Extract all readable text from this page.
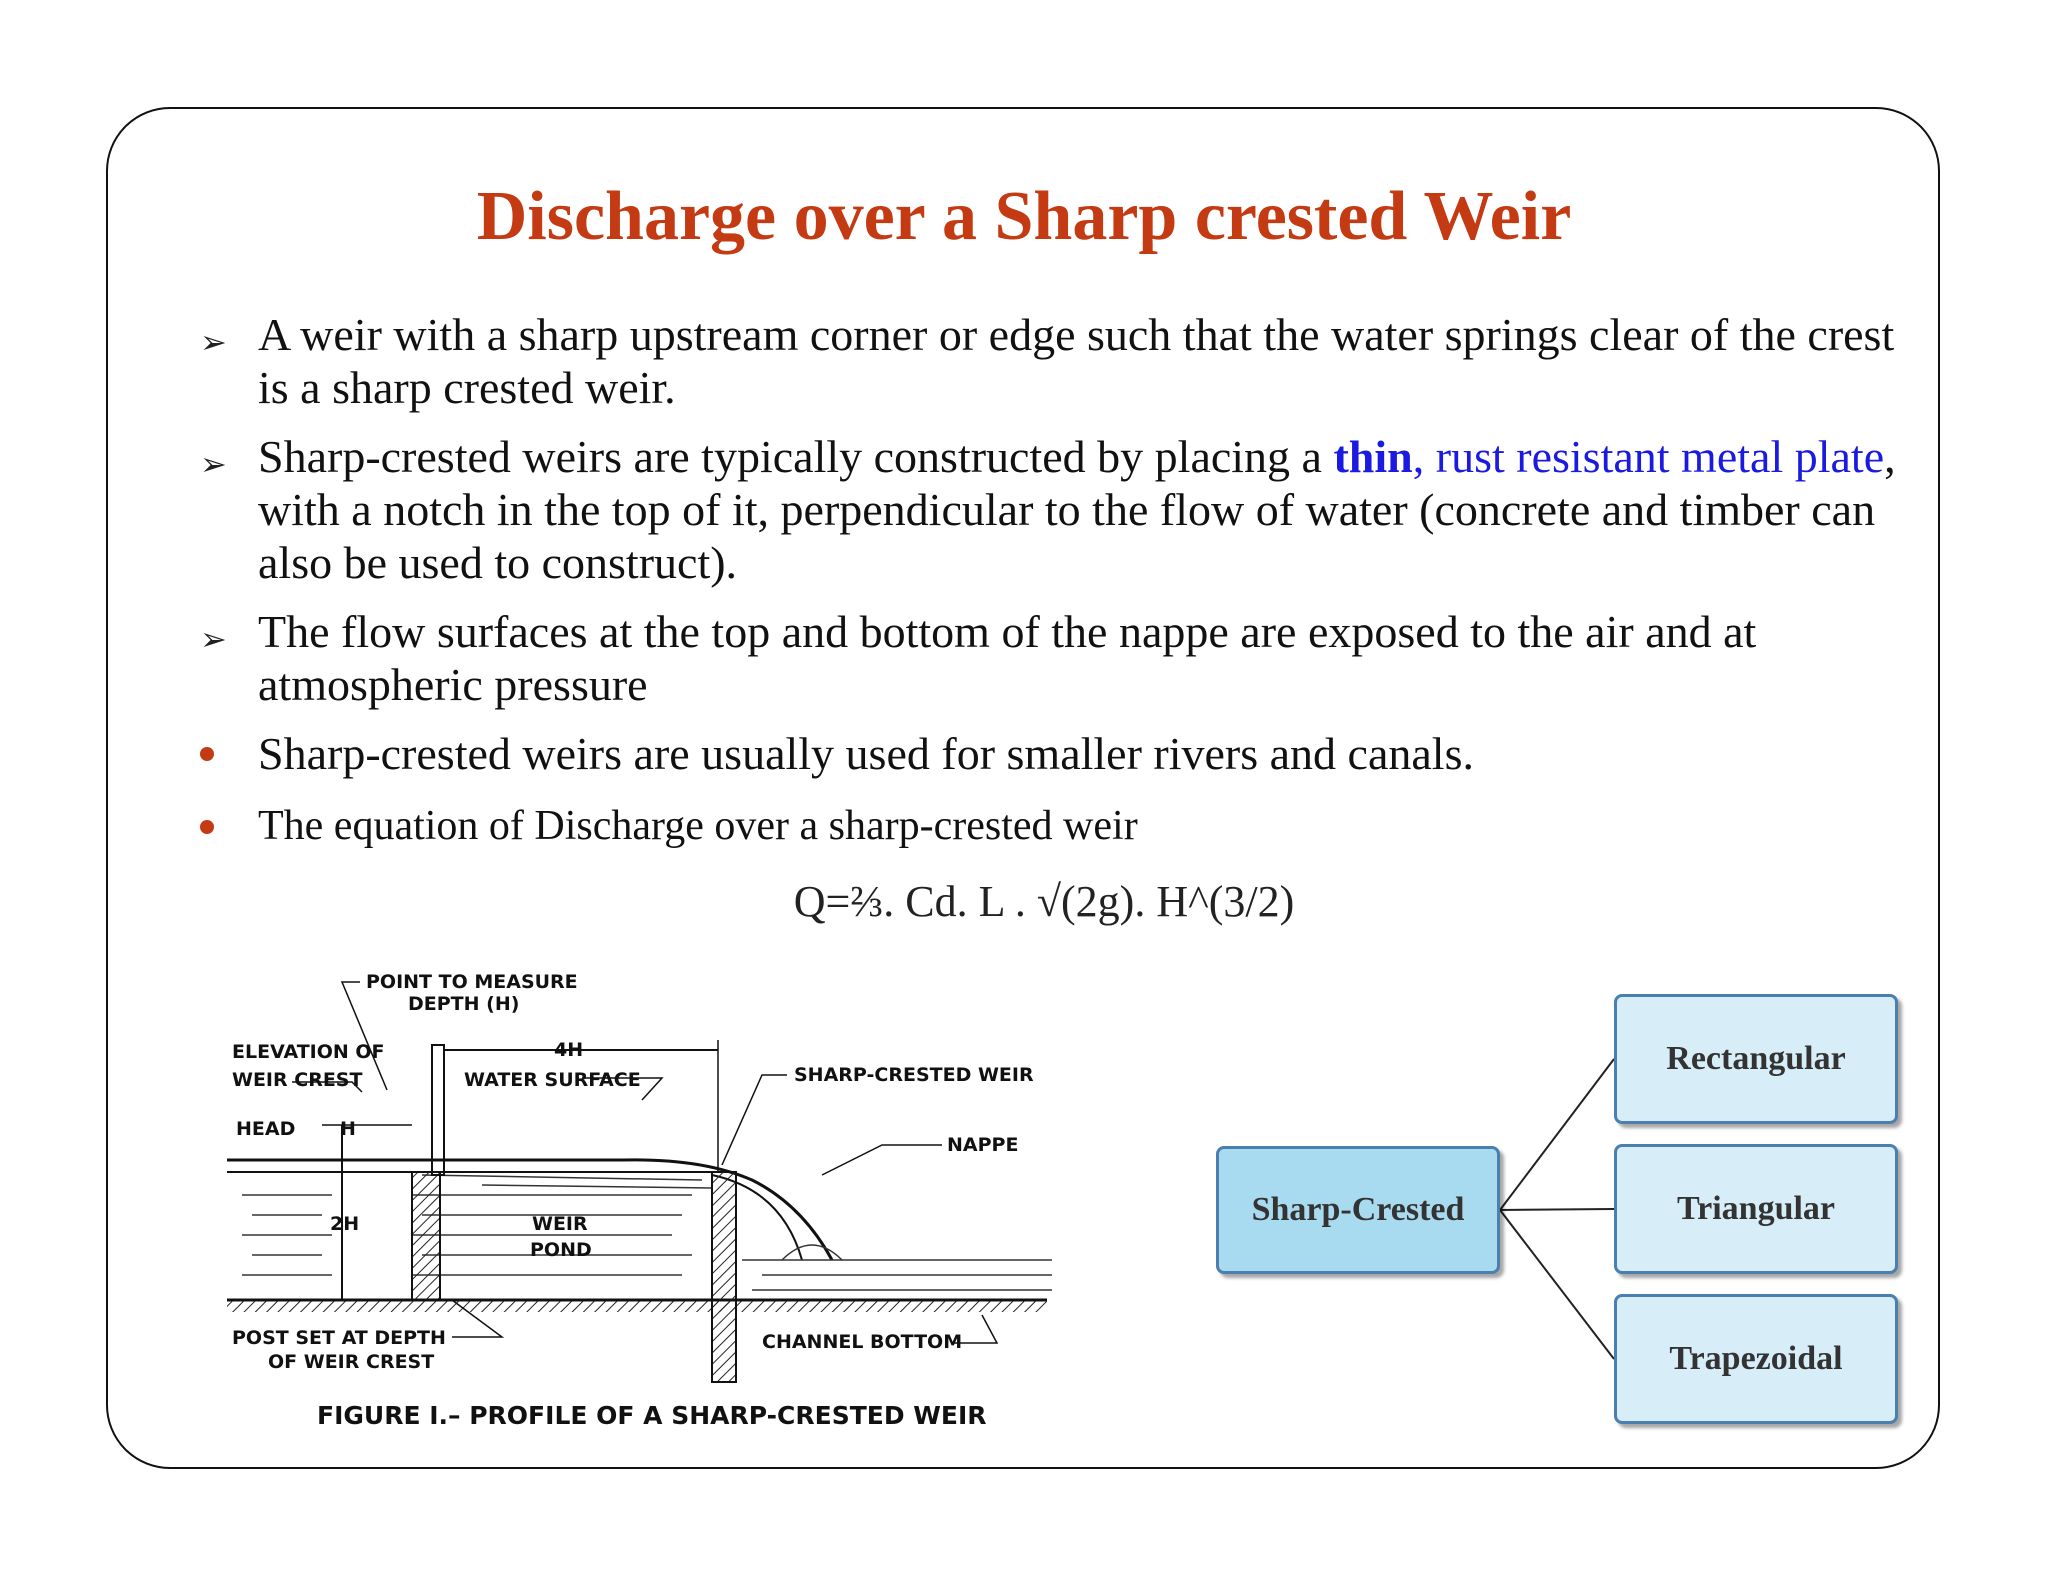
Discharge over a Sharp crested Weir
➢ A weir with a sharp upstream corner or edge such that the water springs clear of the crest is a sharp crested weir.
➢ Sharp-crested weirs are typically constructed by placing a thin, rust resistant metal plate, with a notch in the top of it, perpendicular to the flow of water (concrete and timber can also be used to construct).
➢ The flow surfaces at the top and bottom of the nappe are exposed to the air and at atmospheric pressure
Sharp-crested weirs are usually used for smaller rivers and canals.
The equation of Discharge over a sharp-crested weir
Q=⅔. Cd. L . √(2g). H^(3/2)
POINT TO MEASURE
DEPTH (H)
ELEVATION OF
WEIR CREST
4H
WATER SURFACE	SHARP-CRESTED WEIR
HEAD H
NAPPE
2H	WEIR
POND
POST SET AT DEPTH
OF WEIR CREST
CHANNEL BOTTOM
FIGURE I.– PROFILE OF A SHARP-CRESTED WEIR
Sharp-Crested
Rectangular
Triangular
Trapezoidal
